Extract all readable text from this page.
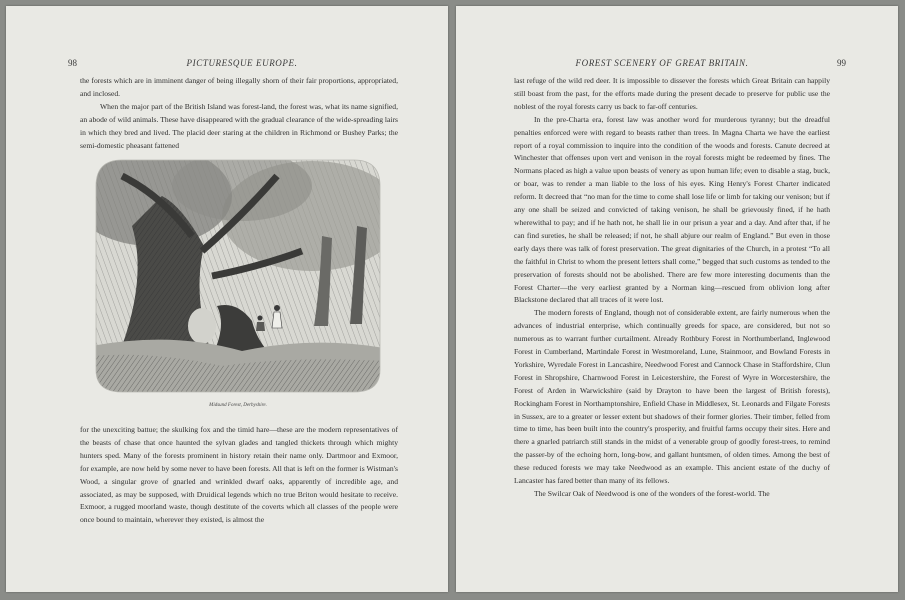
98	PICTURESQUE EUROPE.

the forests which are in imminent danger of being illegally shorn of their fair proportions, appropriated, and inclosed.

When the major part of the British Island was forest-land, the forest was, what its name signified, an abode of wild animals. These have disappeared with the gradual clearance of the wide-spreading lairs in which they bred and lived. The placid deer staring at the children in Richmond or Bushey Parks; the semi-domestic pheasant fattened

Midsund Forest, Derbyshire.

for the unexciting battue; the skulking fox and the timid hare—these are the modern representatives of the beasts of chase that once haunted the sylvan glades and tangled thickets through which mighty hunters sped. Many of the forests prominent in history retain their name only. Dartmoor and Exmoor, for example, are now held by some never to have been forests. All that is left on the former is Wistman's Wood, a singular grove of gnarled and wrinkled dwarf oaks, apparently of incredible age, and associated, as may be supposed, with Druidical legends which no true Briton would hesitate to receive. Exmoor, a rugged moorland waste, though destitute of the coverts which all classes of the people were once bound to maintain, wherever they existed, is almost the

FOREST SCENERY OF GREAT BRITAIN.	99

last refuge of the wild red deer. It is impossible to dissever the forests which Great Britain can happily still boast from the past, for the efforts made during the present decade to preserve for public use the noblest of the royal forests carry us back to far-off centuries.

In the pre-Charta era, forest law was another word for murderous tyranny; but the dreadful penalties enforced were with regard to beasts rather than trees. In Magna Charta we have the earliest report of a royal commission to inquire into the condition of the woods and forests. Canute decreed at Winchester that offenses upon vert and venison in the royal forests might be redeemed by fines. The Normans placed as high a value upon beasts of venery as upon human life; even to disable a stag, buck, or boar, was to render a man liable to the loss of his eyes. King Henry's Forest Charter indicated reform. It decreed that “no man for the time to come shall lose life or limb for taking our venison; but if any one shall be seized and convicted of taking venison, he shall be grievously fined, if he hath wherewithal to pay; and if he hath not, he shall lie in our prisun a year and a day. And after that, if he can find sureties, he shall be released; if not, he shall abjure our realm of England.” But even in those early days there was talk of forest preservation. The great dignitaries of the Church, in a protest “To all the faithful in Christ to whom the present letters shall come,” begged that such customs as tended to the preservation of forests should not be abolished. There are few more interesting documents than the Forest Charter—the very earliest granted by a Norman king—rescued from oblivion long after Blackstone declared that all traces of it were lost.

The modern forests of England, though not of considerable extent, are fairly numerous when the advances of industrial enterprise, which continually greeds for space, are considered, but not so numerous as to warrant further curtailment. Already Rothbury Forest in Northumberland, Inglewood Forest in Cumberland, Martindale Forest in Westmoreland, Lune, Stainmoor, and Bowland Forests in Yorkshire, Wyredale Forest in Lancashire, Needwood Forest and Cannock Chase in Staffordshire, Clun Forest in Shropshire, Charnwood Forest in Leicestershire, the Forest of Wyre in Worcestershire, the Forest of Arden in Warwickshire (said by Drayton to have been the largest of British forests), Rockingham Forest in Northamptonshire, Enfield Chase in Middlesex, St. Leonards and Filgate Forests in Sussex, are to a greater or lesser extent but shadows of their former glories. Their timber, felled from time to time, has been built into the country's prosperity, and fruitful farms occupy their sites. Here and there a gnarled patriarch still stands in the midst of a venerable group of goodly forest-trees, to remind the passer-by of the echoing horn, long-bow, and gallant huntsmen, of olden times. Among the best of these reduced forests we may take Needwood as an example. This ancient estate of the duchy of Lancaster has fared better than many of its fellows.

The Swilcar Oak of Needwood is one of the wonders of the forest-world. The
